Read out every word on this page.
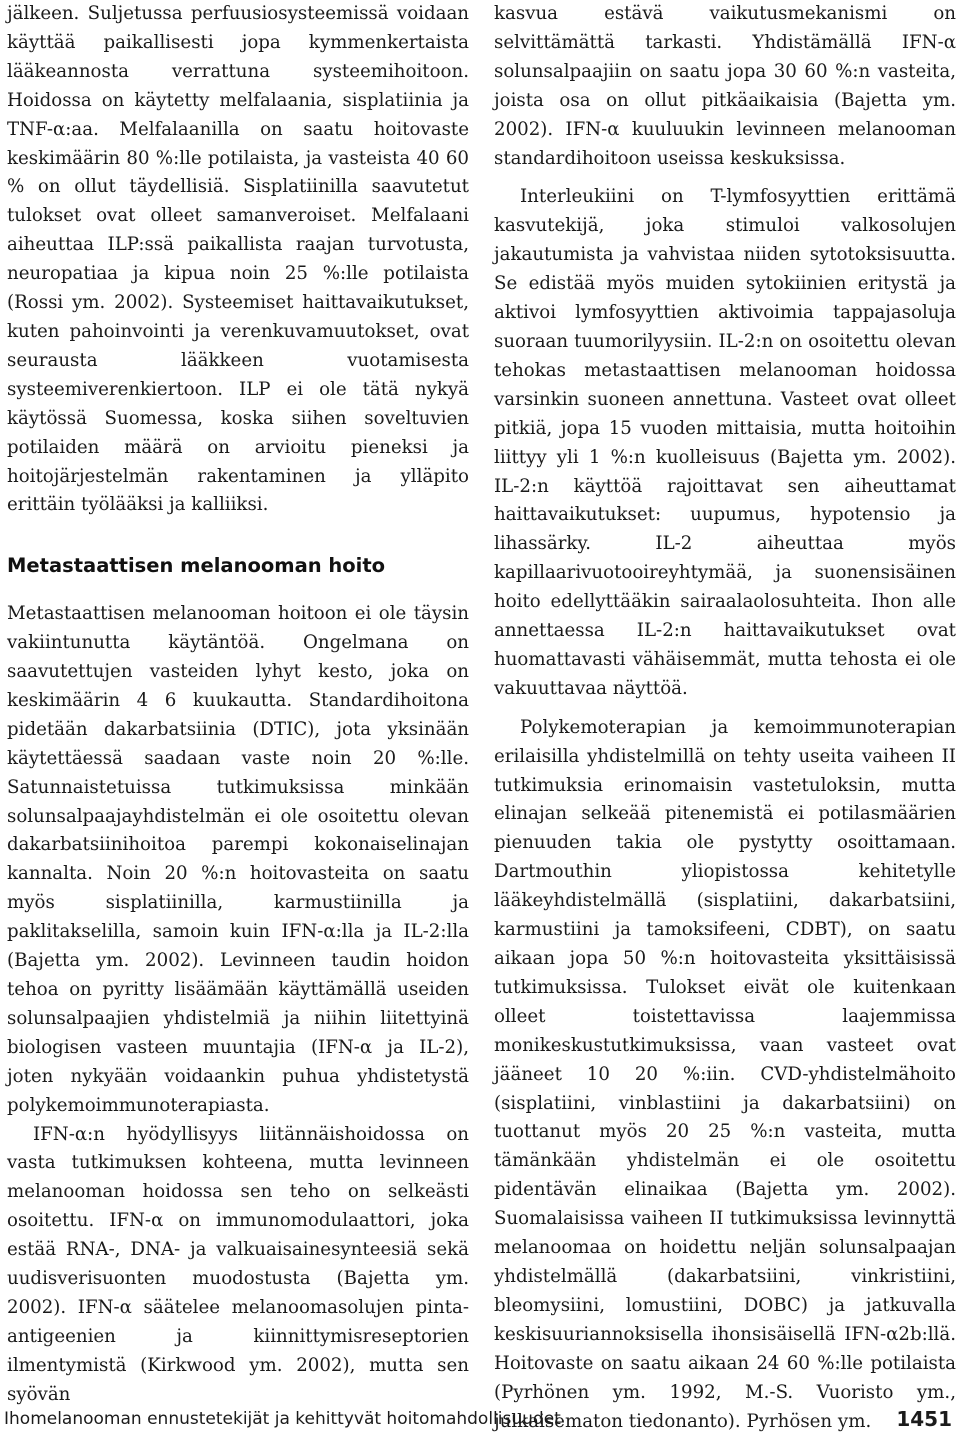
jälkeen. Suljetussa perfuusiosysteemissä voidaan käyttää paikallisesti jopa kymmenkertaista lääkeannosta verrattuna systeemihoitoon. Hoidossa on käytetty melfalaania, sisplatiinia ja TNF-α:aa. Melfalaanilla on saatu hoitovaste keskimäärin 80 %:lle potilaista, ja vasteista 40 60 % on ollut täydellisiä. Sisplatiinilla saavutetut tulokset ovat olleet samanveroiset. Melfalaani aiheuttaa ILP:ssä paikallista raajan turvotusta, neuropatiaa ja kipua noin 25 %:lle potilaista (Rossi ym. 2002). Systeemiset haittavaikutukset, kuten pahoinvointi ja verenkuvamuutokset, ovat seurausta lääkkeen vuotamisesta systeemiverenkiertoon. ILP ei ole tätä nykyä käytössä Suomessa, koska siihen soveltuvien potilaiden määrä on arvioitu pieneksi ja hoitojärjestelmän rakentaminen ja ylläpito erittäin työlääksi ja kalliiksi.

Metastaattisen melanooman hoito

Metastaattisen melanooman hoitoon ei ole täysin vakiintunutta käytäntöä. Ongelmana on saavutettujen vasteiden lyhyt kesto, joka on keskimäärin 4 6 kuukautta. Standardihoitona pidetään dakarbatsiinia (DTIC), jota yksinään käytettäessä saadaan vaste noin 20 %:lle. Satunnaistetuissa tutkimuksissa minkään solunsalpaajayhdistelmän ei ole osoitettu olevan dakarbatsiinihoitoa parempi kokonaiselinajan kannalta. Noin 20 %:n hoitovasteita on saatu myös sisplatiinilla, karmustiinilla ja paklitakselilla, samoin kuin IFN-α:lla ja IL-2:lla (Bajetta ym. 2002). Levinneen taudin hoidon tehoa on pyritty lisäämään käyttämällä useiden solunsalpaajien yhdistelmiä ja niihin liitettyinä biologisen vasteen muuntajia (IFN-α ja IL-2), joten nykyään voidaankin puhua yhdistetystä polykemoimmunoterapiasta.

IFN-α:n hyödyllisyys liitännäishoidossa on vasta tutkimuksen kohteena, mutta levinneen melanooman hoidossa sen teho on selkeästi osoitettu. IFN-α on immunomodulaattori, joka estää RNA-, DNA- ja valkuaisainesynteesiä sekä uudisverisuonten muodostusta (Bajetta ym. 2002). IFN-α säätelee melanoomasolujen pinta-antigeenien ja kiinnittymisreseptorien ilmentymistä (Kirkwood ym. 2002), mutta sen syövän

kasvua estävä vaikutusmekanismi on selvittämättä tarkasti. Yhdistämällä IFN-α solunsalpaajiin on saatu jopa 30 60 %:n vasteita, joista osa on ollut pitkäaikaisia (Bajetta ym. 2002). IFN-α kuuluukin levinneen melanooman standardihoitoon useissa keskuksissa.

Interleukiini on T-lymfosyyttien erittämä kasvutekijä, joka stimuloi valkosolujen jakautumista ja vahvistaa niiden sytotoksisuutta. Se edistää myös muiden sytokiinien eritystä ja aktivoi lymfosyyttien aktivoimia tappajasoluja suoraan tuumorilyysiin. IL-2:n on osoitettu olevan tehokas metastaattisen melanooman hoidossa varsinkin suoneen annettuna. Vasteet ovat olleet pitkiä, jopa 15 vuoden mittaisia, mutta hoitoihin liittyy yli 1 %:n kuolleisuus (Bajetta ym. 2002). IL-2:n käyttöä rajoittavat sen aiheuttamat haittavaikutukset: uupumus, hypotensio ja lihassärky. IL-2 aiheuttaa myös kapillaarivuotooireyhtymää, ja suonensisäinen hoito edellyttääkin sairaalaolosuhteita. Ihon alle annettaessa IL-2:n haittavaikutukset ovat huomattavasti vähäisemmät, mutta tehosta ei ole vakuuttavaa näyttöä.

Polykemoterapian ja kemoimmunoterapian erilaisilla yhdistelmillä on tehty useita vaiheen II tutkimuksia erinomaisin vastetuloksin, mutta elinajan selkeää pitenemistä ei potilasmäärien pienuuden takia ole pystytty osoittamaan. Dartmouthin yliopistossa kehitetylle lääkeyhdistelmällä (sisplatiini, dakarbatsiini, karmustiini ja tamoksifeeni, CDBT), on saatu aikaan jopa 50 %:n hoitovasteita yksittäisissä tutkimuksissa. Tulokset eivät ole kuitenkaan olleet toistettavissa laajemmissa monikeskustutkimuksissa, vaan vasteet ovat jääneet 10 20 %:iin. CVD-yhdistelmähoito (sisplatiini, vinblastiini ja dakarbatsiini) on tuottanut myös 20 25 %:n vasteita, mutta tämänkään yhdistelmän ei ole osoitettu pidentävän elinaikaa (Bajetta ym. 2002). Suomalaisissa vaiheen II tutkimuksissa levinnyttä melanoomaa on hoidettu neljän solunsalpaajan yhdistelmällä (dakarbatsiini, vinkristiini, bleomysiini, lomustiini, DOBC) ja jatkuvalla keskisuuriannoksisella ihonsisäisellä IFN-α2b:llä. Hoitovaste on saatu aikaan 24 60 %:lle potilaista (Pyrhönen ym. 1992, M.-S. Vuoristo ym., julkaisematon tiedonanto). Pyrhösen ym.

Ihomelanooman ennustetekijät ja kehittyvät hoitomahdollisuudet	1451
